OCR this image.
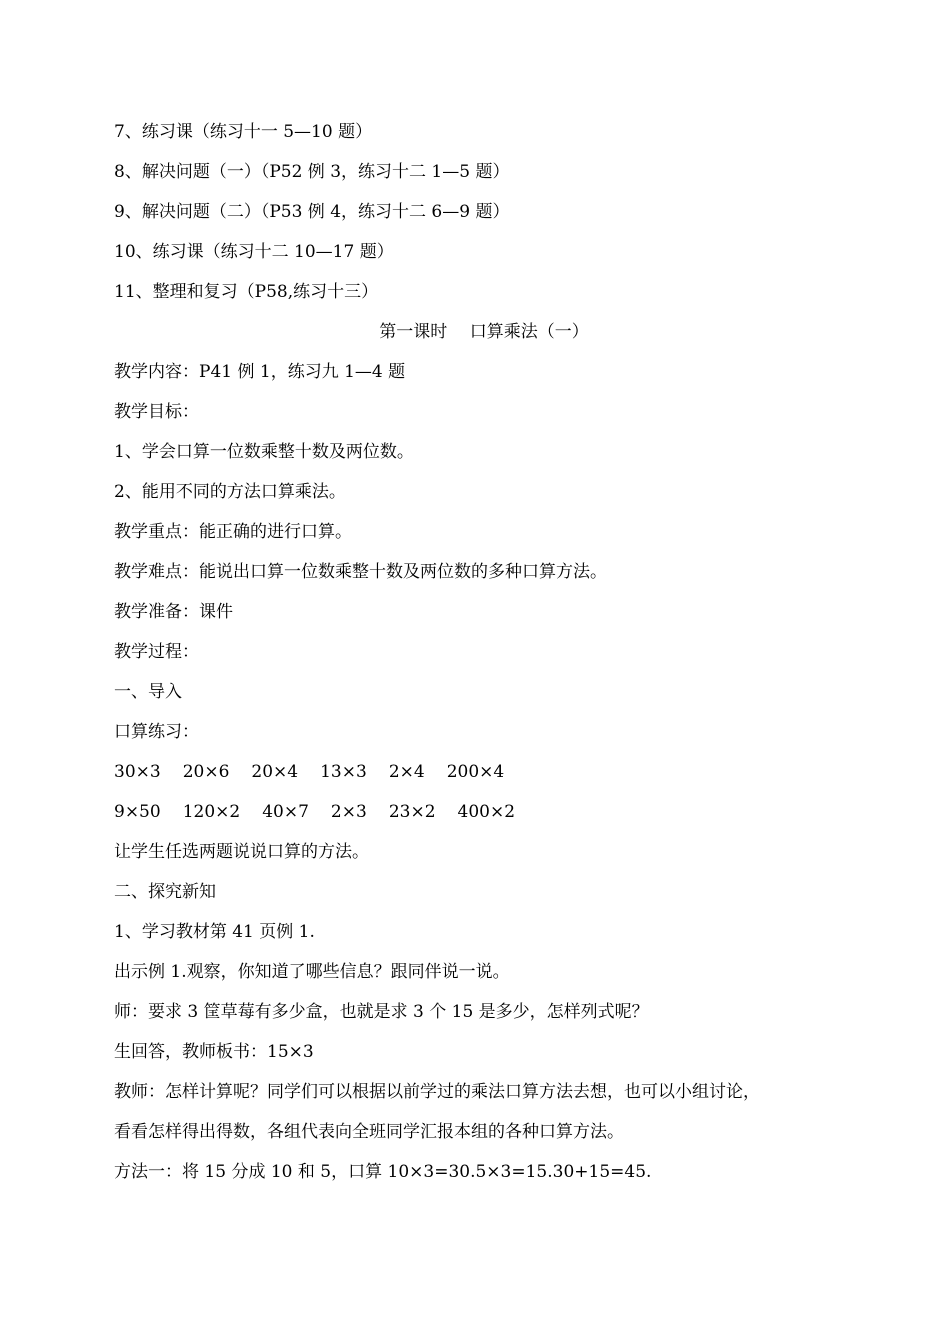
7、练习课（练习十一 5—10 题）
8、解决问题（一）（P52 例 3，练习十二 1—5 题）
9、解决问题（二）（P53 例 4，练习十二 6—9 题）
10、练习课（练习十二 10—17 题）
11、整理和复习（P58,练习十三）
第一课时　 口算乘法（一）
教学内容：P41 例 1，练习九 1—4 题
教学目标：
1、学会口算一位数乘整十数及两位数。
2、能用不同的方法口算乘法。
教学重点：能正确的进行口算。
教学难点：能说出口算一位数乘整十数及两位数的多种口算方法。
教学准备：课件
教学过程：
一、导入
口算练习：
30×3 20×6 20×4 13×3 2×4 200×4
9×50 120×2 40×7 2×3 23×2 400×2
让学生任选两题说说口算的方法。
二、探究新知
1、学习教材第 41 页例 1.
出示例 1.观察，你知道了哪些信息？跟同伴说一说。
师：要求 3 筐草莓有多少盒，也就是求 3 个 15 是多少，怎样列式呢？
生回答，教师板书：15×3
教师：怎样计算呢？同学们可以根据以前学过的乘法口算方法去想，也可以小组讨论，
看看怎样得出得数，各组代表向全班同学汇报本组的各种口算方法。
方法一：将 15 分成 10 和 5，口算 10×3=30.5×3=15.30+15=45.
